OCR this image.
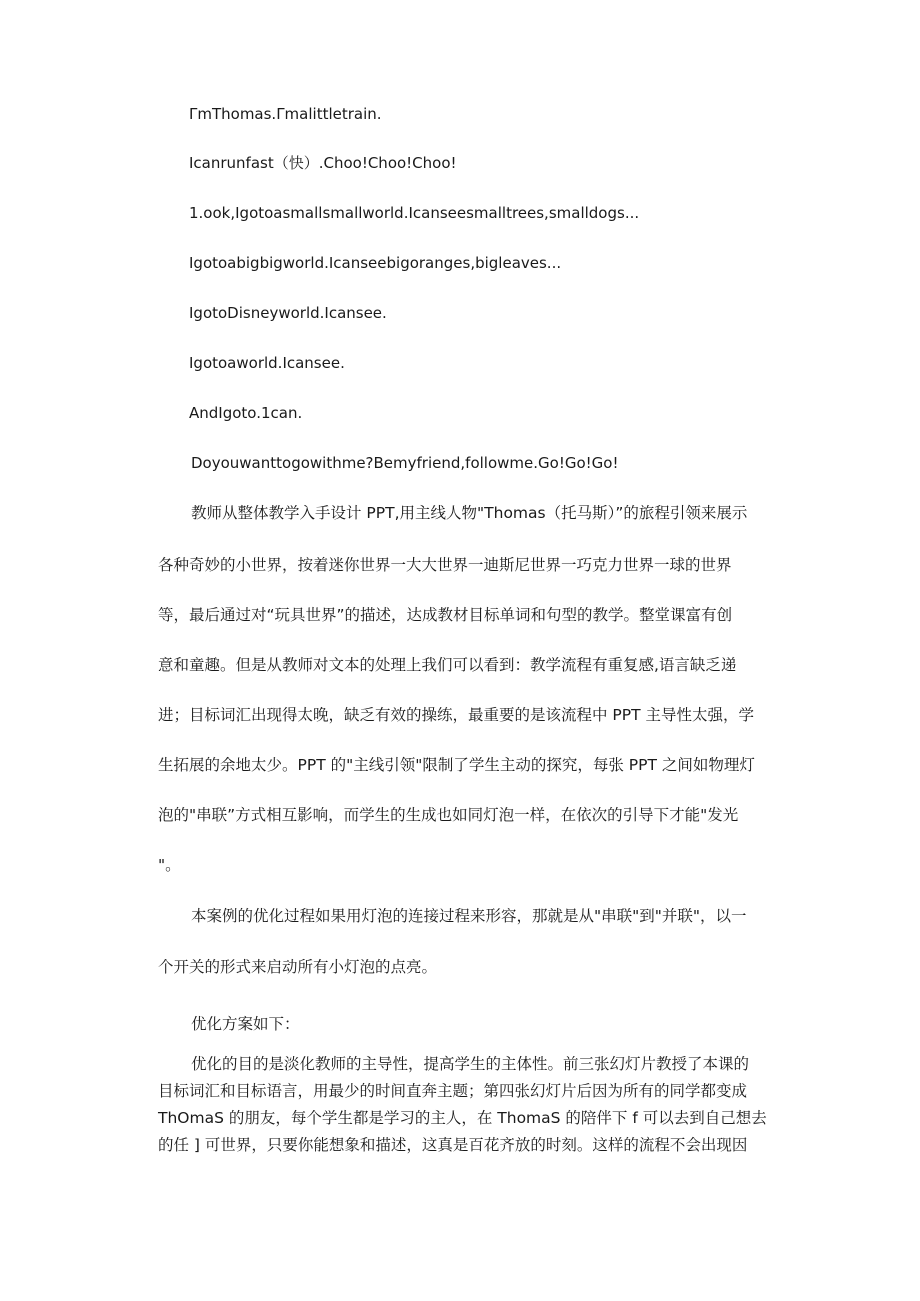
ΓmThomas.Γmalittletrain.
Icanrunfast（快）.Choo!Choo!Choo!
1.ook,Igotoasmallsmallworld.Icanseesmalltrees,smalldogs...
Igotoabigbigworld.Icanseebigoranges,bigleaves...
IgotoDisneyworld.Icansee.
Igotoaworld.Icansee.
AndIgoto.1can.
Doyouwanttogowithme?Bemyfriend,followme.Go!Go!Go!
教师从整体教学入手设计 PPT,用主线人物"Thomas（托马斯）”的旅程引领来展示
各种奇妙的小世界，按着迷你世界一大大世界一迪斯尼世界一巧克力世界一球的世界
等，最后通过对“玩具世界”的描述，达成教材目标单词和句型的教学。整堂课富有创
意和童趣。但是从教师对文本的处理上我们可以看到：教学流程有重复感,语言缺乏递
进；目标词汇出现得太晚，缺乏有效的操练，最重要的是该流程中 PPT 主导性太强，学
生拓展的余地太少。PPT 的"主线引领"限制了学生主动的探究，每张 PPT 之间如物理灯
泡的"串联”方式相互影响，而学生的生成也如同灯泡一样，在依次的引导下才能"发光
"。
本案例的优化过程如果用灯泡的连接过程来形容，那就是从"串联"到"并联"，以一
个开关的形式来启动所有小灯泡的点亮。
优化方案如下：
优化的目的是淡化教师的主导性，提高学生的主体性。前三张幻灯片教授了本课的
目标词汇和目标语言，用最少的时间直奔主题；第四张幻灯片后因为所有的同学都变成
ThOmaS 的朋友，每个学生都是学习的主人，在 ThomaS 的陪伴下 f 可以去到自己想去
的任 ] 可世界，只要你能想象和描述，这真是百花齐放的时刻。这样的流程不会出现因
